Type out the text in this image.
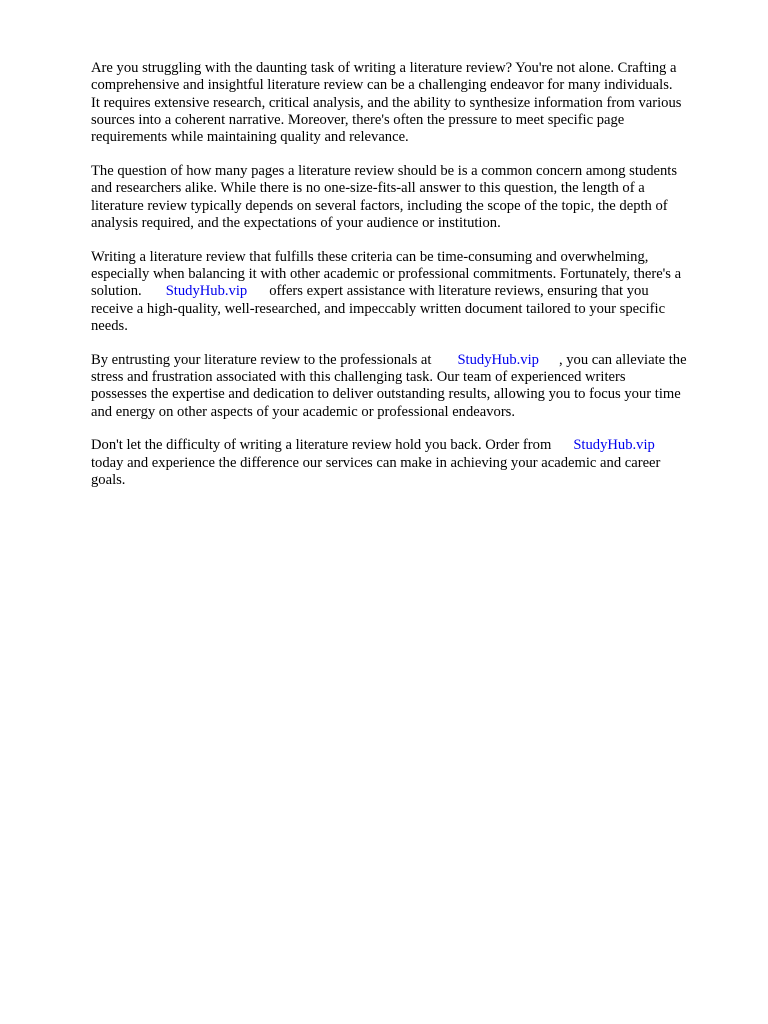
Are you struggling with the daunting task of writing a literature review? You're not alone. Crafting a
comprehensive and insightful literature review can be a challenging endeavor for many individuals.
It requires extensive research, critical analysis, and the ability to synthesize information from various
sources into a coherent narrative. Moreover, there's often the pressure to meet specific page
requirements while maintaining quality and relevance.

The question of how many pages a literature review should be is a common concern among students
and researchers alike. While there is no one-size-fits-all answer to this question, the length of a
literature review typically depends on several factors, including the scope of the topic, the depth of
analysis required, and the expectations of your audience or institution.

Writing a literature review that fulfills these criteria can be time-consuming and overwhelming,
especially when balancing it with other academic or professional commitments. Fortunately, there's a
solution. StudyHub.vip offers expert assistance with literature reviews, ensuring that you
receive a high-quality, well-researched, and impeccably written document tailored to your specific
needs.

By entrusting your literature review to the professionals at StudyHub.vip , you can alleviate the
stress and frustration associated with this challenging task. Our team of experienced writers
possesses the expertise and dedication to deliver outstanding results, allowing you to focus your time
and energy on other aspects of your academic or professional endeavors.

Don't let the difficulty of writing a literature review hold you back. Order from StudyHub.vip
today and experience the difference our services can make in achieving your academic and career
goals.
